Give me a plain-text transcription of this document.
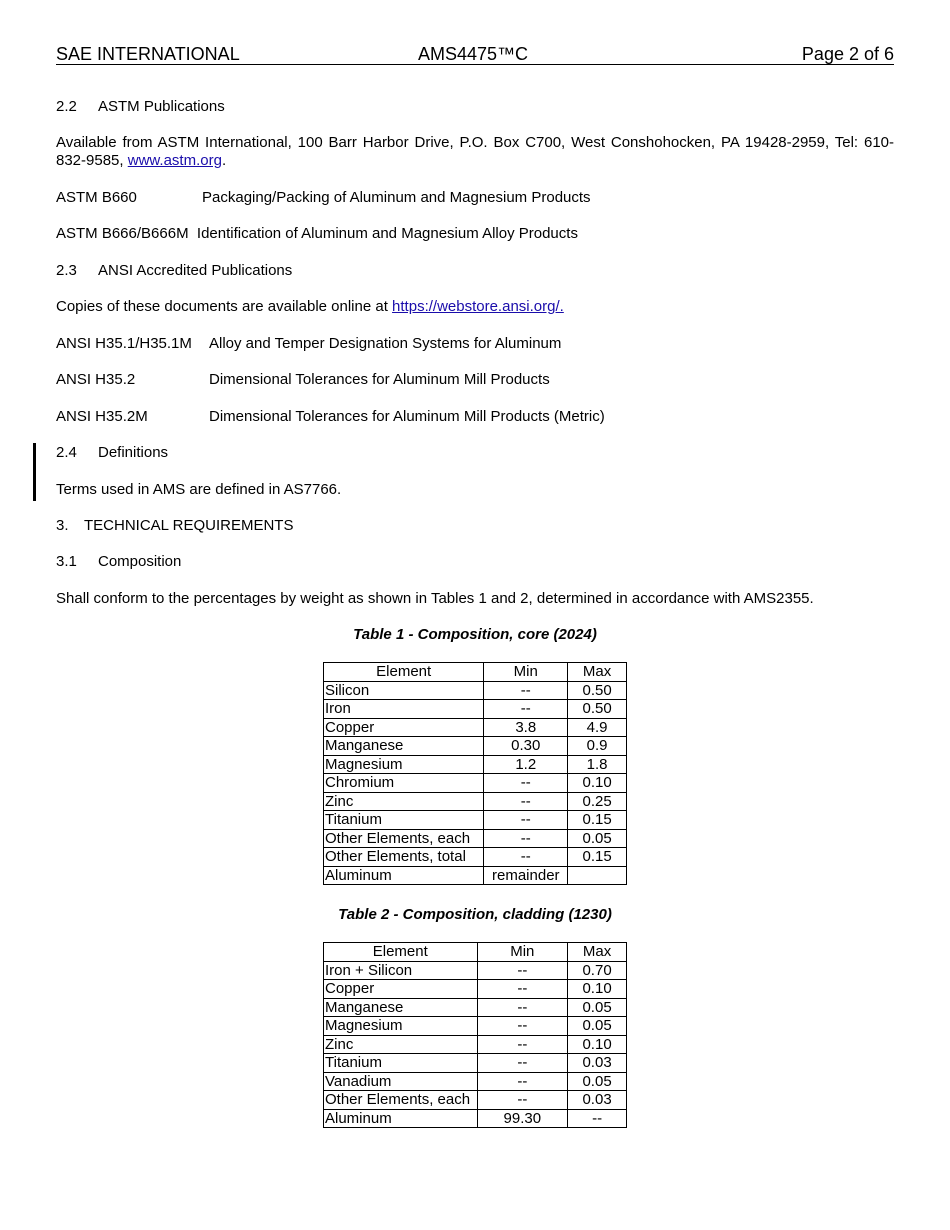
SAE INTERNATIONAL	AMS4475™C	Page 2 of 6
2.2 ASTM Publications
Available from ASTM International, 100 Barr Harbor Drive, P.O. Box C700, West Conshohocken, PA 19428-2959, Tel: 610-832-9585, www.astm.org.
ASTM B660	Packaging/Packing of Aluminum and Magnesium Products
ASTM B666/B666M Identification of Aluminum and Magnesium Alloy Products
2.3 ANSI Accredited Publications
Copies of these documents are available online at https://webstore.ansi.org/.
ANSI H35.1/H35.1M Alloy and Temper Designation Systems for Aluminum
ANSI H35.2	Dimensional Tolerances for Aluminum Mill Products
ANSI H35.2M	Dimensional Tolerances for Aluminum Mill Products (Metric)
2.4 Definitions
Terms used in AMS are defined in AS7766.
3. TECHNICAL REQUIREMENTS
3.1 Composition
Shall conform to the percentages by weight as shown in Tables 1 and 2, determined in accordance with AMS2355.
Table 1 - Composition, core (2024)
Element	Min	Max
Silicon	--	0.50
Iron	--	0.50
Copper	3.8	4.9
Manganese	0.30	0.9
Magnesium	1.2	1.8
Chromium	--	0.10
Zinc	--	0.25
Titanium	--	0.15
Other Elements, each	--	0.05
Other Elements, total	--	0.15
Aluminum	remainder	
Table 2 - Composition, cladding (1230)
Element	Min	Max
Iron + Silicon	--	0.70
Copper	--	0.10
Manganese	--	0.05
Magnesium	--	0.05
Zinc	--	0.10
Titanium	--	0.03
Vanadium	--	0.05
Other Elements, each	--	0.03
Aluminum	99.30	--
